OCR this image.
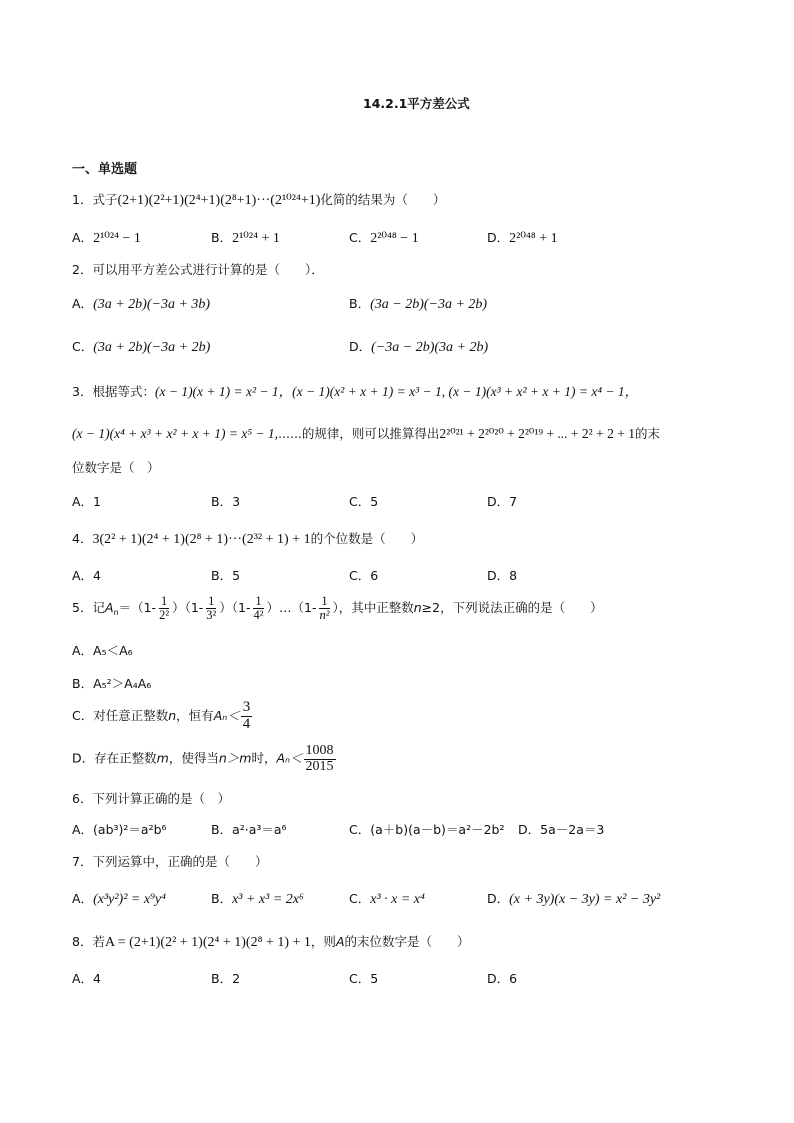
14.2.1平方差公式
一、单选题
1．式子(2+1)(2²+1)(2⁴+1)(2⁸+1)···(2¹⁰²⁴+1)化简的结果为（　　）
A．2¹⁰²⁴ − 1	B．2¹⁰²⁴ + 1	C．2²⁰⁴⁸ − 1	D．2²⁰⁴⁸ + 1
2．可以用平方差公式进行计算的是（　　）．
A．(3a + 2b)(−3a + 3b)	B．(3a − 2b)(−3a + 2b)
C．(3a + 2b)(−3a + 2b)	D．(−3a − 2b)(3a + 2b)
3．根据等式：(x − 1)(x + 1) = x² − 1，(x − 1)(x² + x + 1) = x³ − 1, (x − 1)(x³ + x² + x + 1) = x⁴ − 1，
(x − 1)(x⁴ + x³ + x² + x + 1) = x⁵ − 1,......的规律，则可以推算得出2²⁰²¹ + 2²⁰²⁰ + 2²⁰¹⁹ + ... + 2² + 2 + 1的末
位数字是（　）
A．1	B．3	C．5	D．7
4．3(2² + 1)(2⁴ + 1)(2⁸ + 1)···(2³² + 1) + 1的个位数是（　　）
A．4	B．5	C．6	D．8
5．记$A_n=(1- \frac{1}{\text{2²}} )(1- \frac{1}{\text{3²}} )(1- \frac{1}{\text{4²}}$ ）…（1- $\frac{1}{\text{n²}}$ ），其中正整数n≥2，下列说法正确的是（　　）
A．A₅＜A₆
B．A₅²＞A₄A₆
C．对任意正整数n，恒有$A_n< \frac{3}{4}$
D．存在正整数m，使得当n＞m时，$A_n< \frac{1008}{2015}$
6．下列计算正确的是（　）
A．(ab³)²＝a²b⁶	B．a²·a³＝a⁶	C．(a＋b)(a－b)＝a²－2b² D．5a－2a＝3
7．下列运算中，正确的是（　　）
A．(x³y²)² = x⁹y⁴	B．x³ + x³ = 2x⁶	C．x³ · x = x⁴	D．(x + 3y)(x − 3y) = x² − 3y²
8．若A = (2+1)(2² + 1)(2⁴ + 1)(2⁸ + 1) + 1，则A的末位数字是（　　）
A．4	B．2	C．5	D．6
